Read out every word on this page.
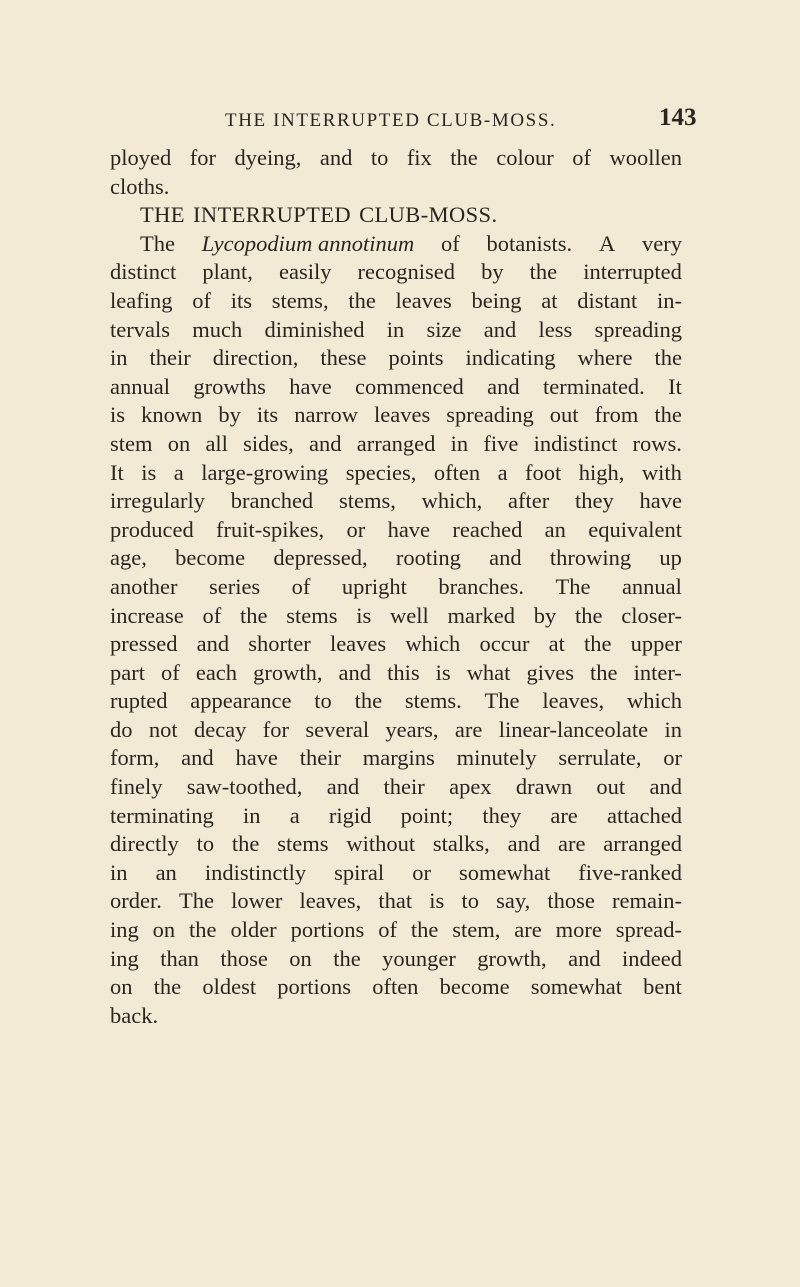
THE INTERRUPTED CLUB-MOSS.	143
ployed for dyeing, and to fix the colour of woollen
cloths.
THE INTERRUPTED CLUB-MOSS.
The Lycopodium annotinum of botanists. A very
distinct plant, easily recognised by the interrupted
leafing of its stems, the leaves being at distant in-
tervals much diminished in size and less spreading
in their direction, these points indicating where the
annual growths have commenced and terminated. It
is known by its narrow leaves spreading out from the
stem on all sides, and arranged in five indistinct rows.
It is a large-growing species, often a foot high, with
irregularly branched stems, which, after they have
produced fruit-spikes, or have reached an equivalent
age, become depressed, rooting and throwing up
another series of upright branches. The annual
increase of the stems is well marked by the closer-
pressed and shorter leaves which occur at the upper
part of each growth, and this is what gives the inter-
rupted appearance to the stems. The leaves, which
do not decay for several years, are linear-lanceolate in
form, and have their margins minutely serrulate, or
finely saw-toothed, and their apex drawn out and
terminating in a rigid point; they are attached
directly to the stems without stalks, and are arranged
in an indistinctly spiral or somewhat five-ranked
order. The lower leaves, that is to say, those remain-
ing on the older portions of the stem, are more spread-
ing than those on the younger growth, and indeed
on the oldest portions often become somewhat bent
back.
